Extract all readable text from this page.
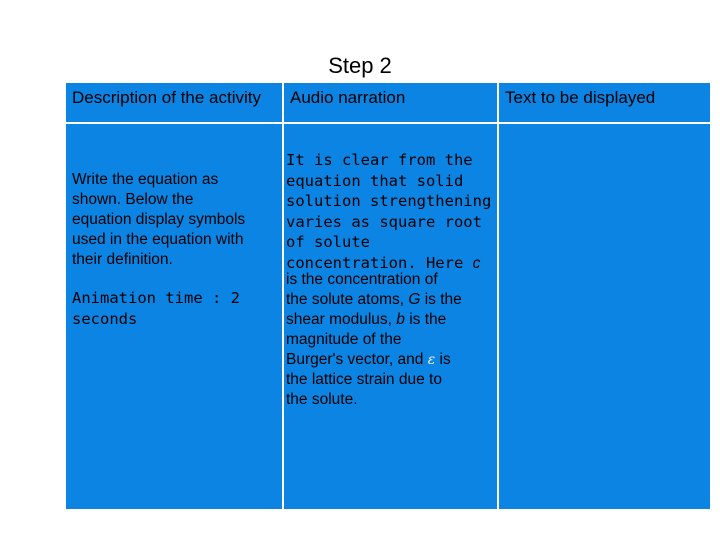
Step 2
Description of the activity	Audio narration	Text to be displayed
Write the equation as
shown. Below the
equation display symbols
used in the equation with
their definition.
Animation time : 2
seconds
It is clear from the
equation that solid
solution strengthening
varies as square root
of solute
concentration. Here c
is the concentration of
the solute atoms, G is the
shear modulus, b is the
magnitude of the
Burger's vector, and ε is
the lattice strain due to
the solute.
